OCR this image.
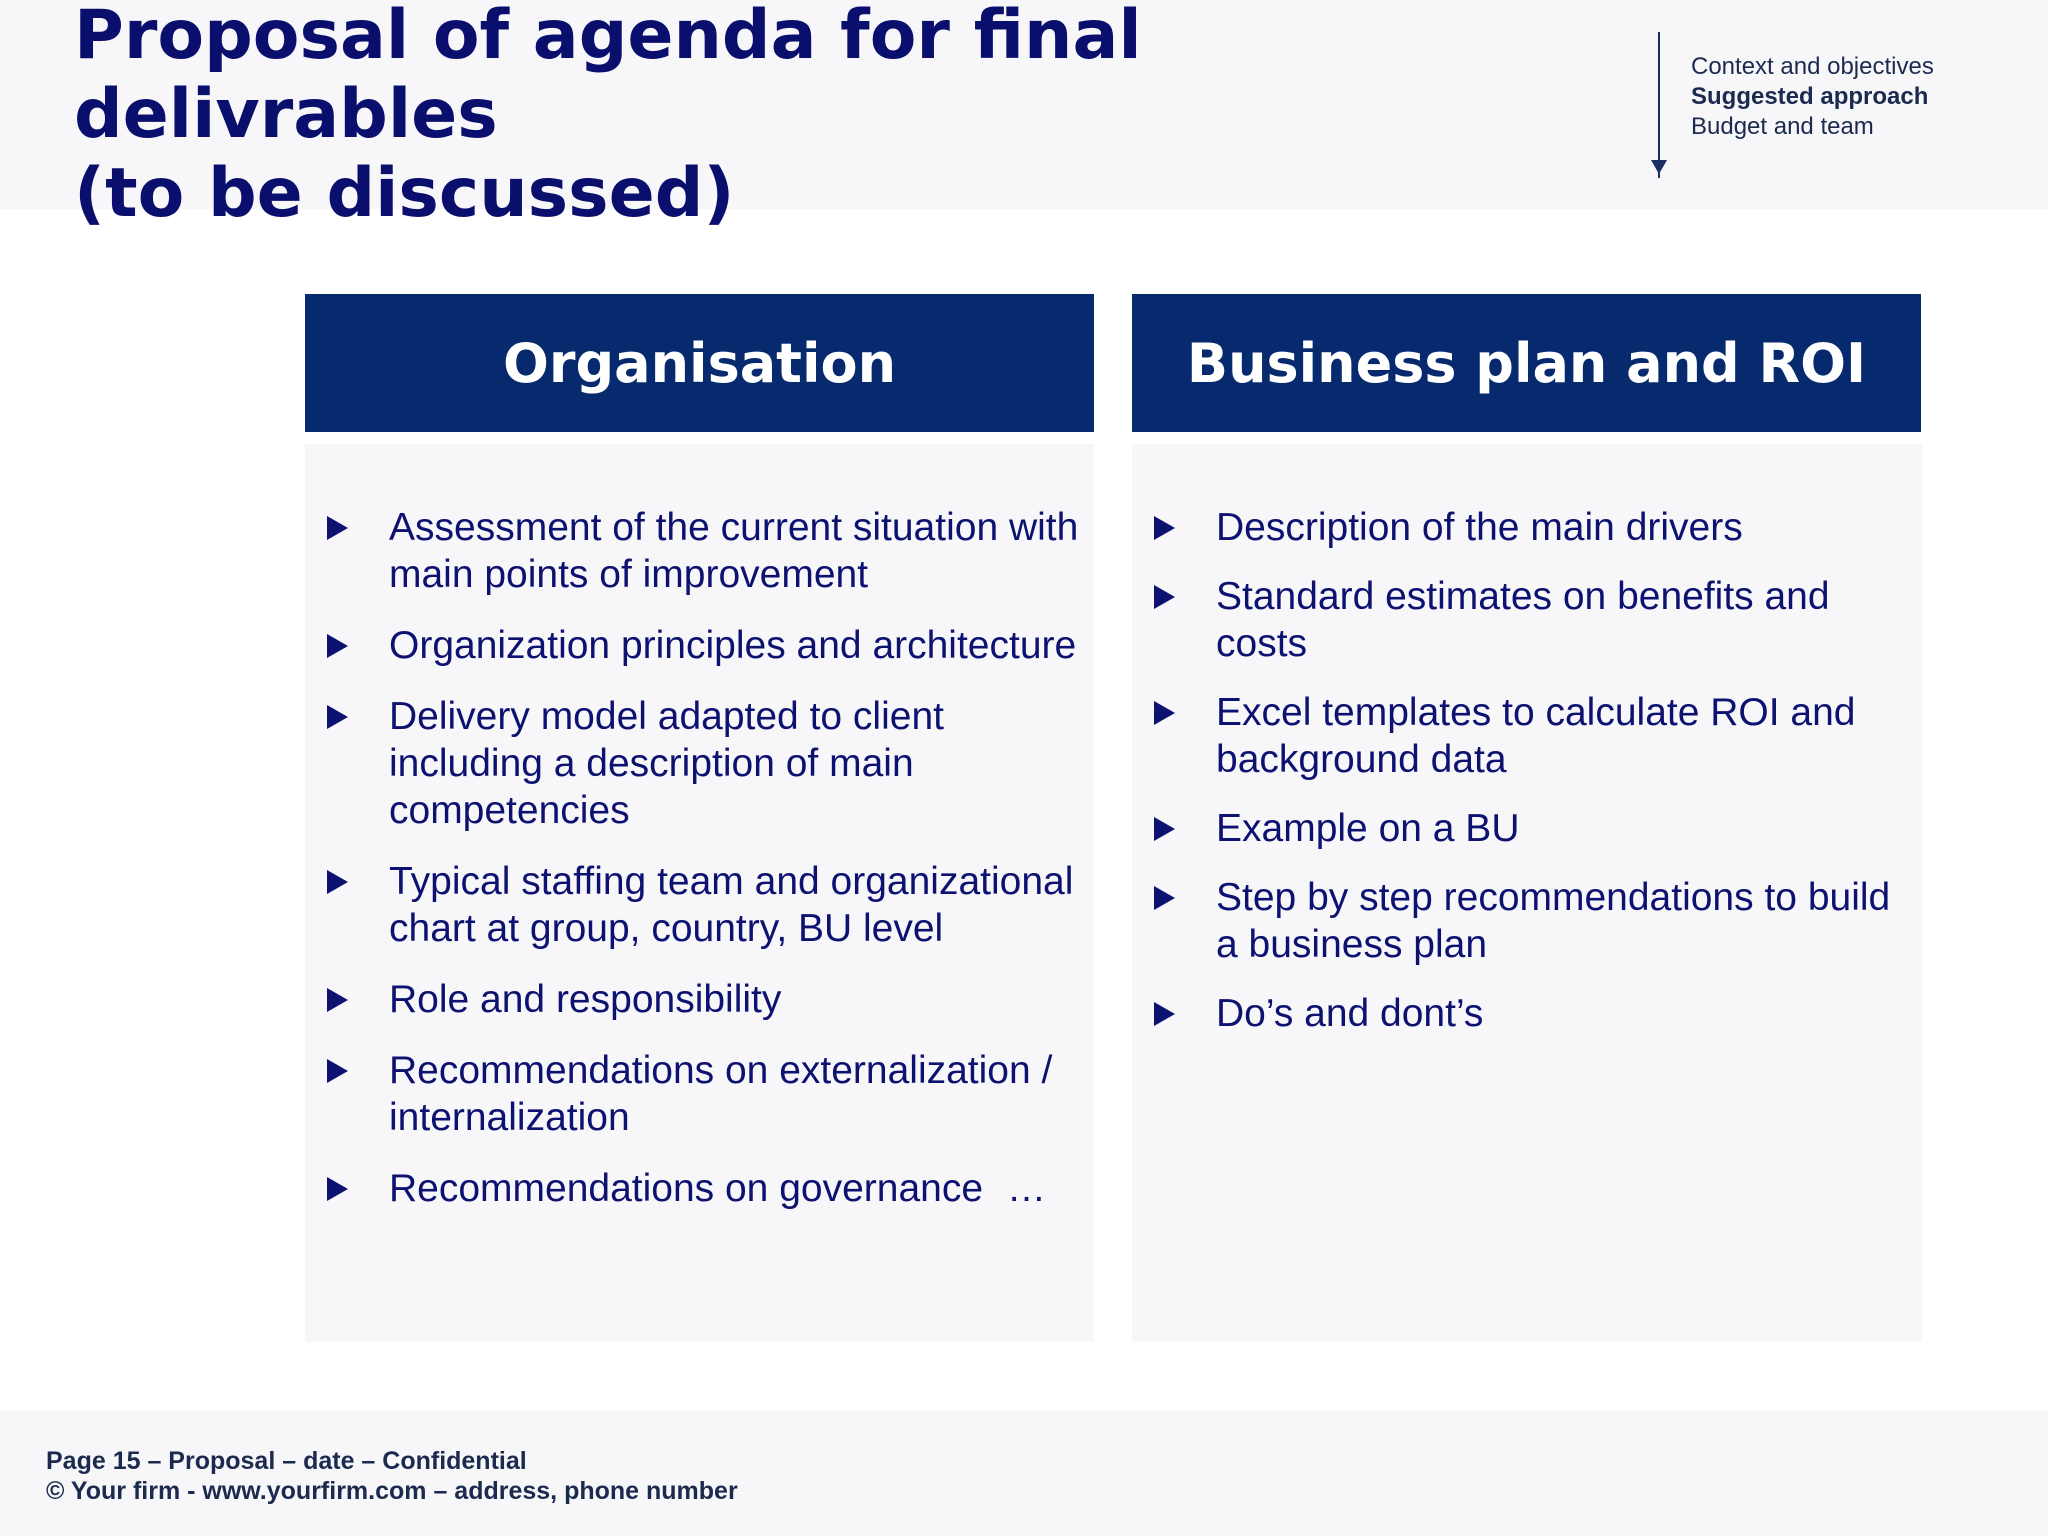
Proposal of agenda for final
delivrables
(to be discussed)
Context and objectives
Suggested approach
Budget and team
Organisation	Business plan and ROI
Assessment of the current situation with main points of improvement
Organization principles and architecture
Delivery model adapted to client including a description of main competencies
Typical staffing team and organizational chart at group, country, BU level
Role and responsibility
Recommendations on externalization / internalization
Recommendations on governance …
Description of the main drivers
Standard estimates on benefits and costs
Excel templates to calculate ROI and background data
Example on a BU
Step by step recommendations to build a business plan
Do’s and dont’s
Page 15 – Proposal – date – Confidential
© Your firm - www.yourfirm.com – address, phone number
